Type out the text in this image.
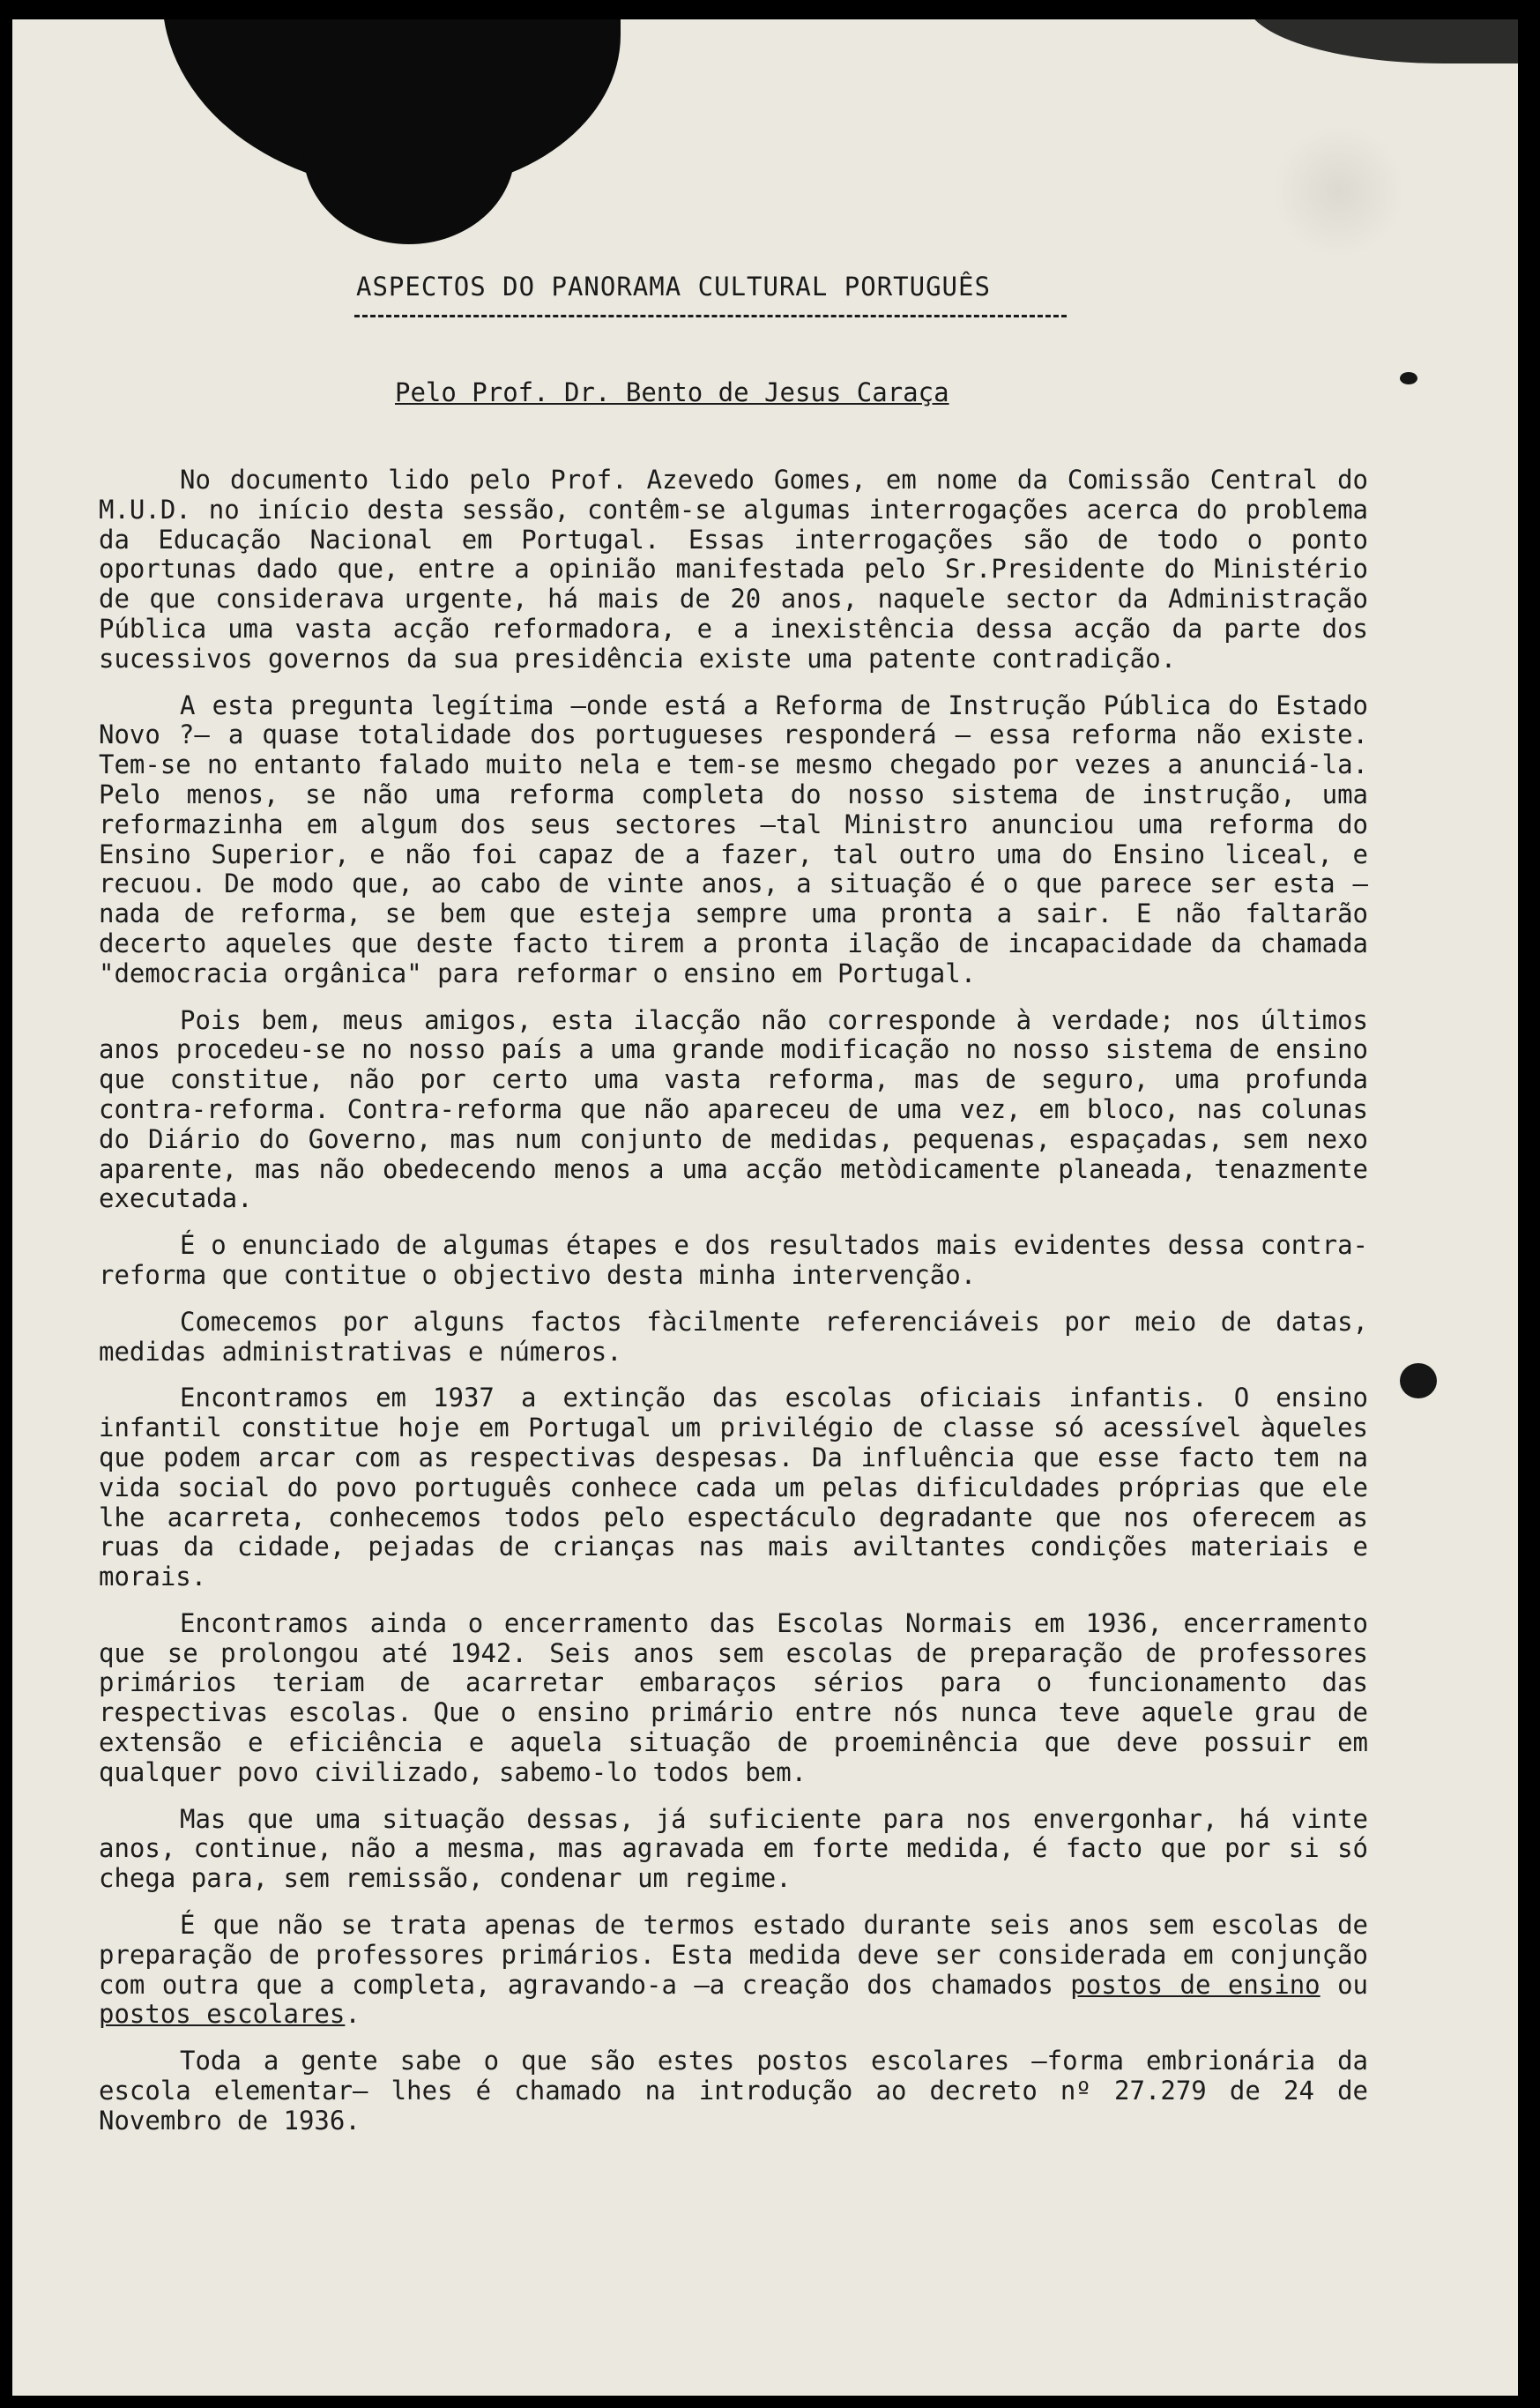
ASPECTOS DO PANORAMA CULTURAL PORTUGUÊS
Pelo Prof. Dr. Bento de Jesus Caraça

No documento lido pelo Prof. Azevedo Gomes, em nome da Comissão Central do M.U.D. no início desta sessão, contêm-se algumas interrogações acerca do problema da Educação Nacional em Portugal. Essas interrogações são de todo o ponto oportunas dado que, entre a opinião manifestada pelo Sr.Presidente do Ministério de que considerava urgente, há mais de 20 anos, naquele sector da Administração Pública uma vasta acção reformadora, e a inexistência dessa acção da parte dos sucessivos governos da sua presidência existe uma patente contradição.

A esta pregunta legítima —onde está a Reforma de Instrução Pública do Estado Novo ?— a quase totalidade dos portugueses responderá — essa reforma não existe. Tem-se no entanto falado muito nela e tem-se mesmo chegado por vezes a anunciá-la. Pelo menos, se não uma reforma completa do nosso sistema de instrução, uma reformazinha em algum dos seus sectores —tal Ministro anunciou uma reforma do Ensino Superior, e não foi capaz de a fazer, tal outro uma do Ensino liceal, e recuou. De modo que, ao cabo de vinte anos, a situação é o que parece ser esta — nada de reforma, se bem que esteja sempre uma pronta a sair. E não faltarão decerto aqueles que deste facto tirem a pronta ilação de incapacidade da chamada "democracia orgânica" para reformar o ensino em Portugal.

Pois bem, meus amigos, esta ilacção não corresponde à verdade; nos últimos anos procedeu-se no nosso país a uma grande modificação no nosso sistema de ensino que constitue, não por certo uma vasta reforma, mas de seguro, uma profunda contra-reforma. Contra-reforma que não apareceu de uma vez, em bloco, nas colunas do Diário do Governo, mas num conjunto de medidas, pequenas, espaçadas, sem nexo aparente, mas não obedecendo menos a uma acção metòdicamente planeada, tenazmente executada.

É o enunciado de algumas étapes e dos resultados mais evidentes dessa contra-reforma que contitue o objectivo desta minha intervenção.

Comecemos por alguns factos fàcilmente referenciáveis por meio de datas, medidas administrativas e números.

Encontramos em 1937 a extinção das escolas oficiais infantis. O ensino infantil constitue hoje em Portugal um privilégio de classe só acessível àqueles que podem arcar com as respectivas despesas. Da influência que esse facto tem na vida social do povo português conhece cada um pelas dificuldades próprias que ele lhe acarreta, conhecemos todos pelo espectáculo degradante que nos oferecem as ruas da cidade, pejadas de crianças nas mais aviltantes condições materiais e morais.

Encontramos ainda o encerramento das Escolas Normais em 1936, encerramento que se prolongou até 1942. Seis anos sem escolas de preparação de professores primários teriam de acarretar embaraços sérios para o funcionamento das respectivas escolas. Que o ensino primário entre nós nunca teve aquele grau de extensão e eficiência e aquela situação de proeminência que deve possuir em qualquer povo civilizado, sabemo-lo todos bem.

Mas que uma situação dessas, já suficiente para nos envergonhar, há vinte anos, continue, não a mesma, mas agravada em forte medida, é facto que por si só chega para, sem remissão, condenar um regime.

É que não se trata apenas de termos estado durante seis anos sem escolas de preparação de professores primários. Esta medida deve ser considerada em conjunção com outra que a completa, agravando-a —a creação dos chamados postos de ensino ou postos escolares.

Toda a gente sabe o que são estes postos escolares —forma embrionária da escola elementar— lhes é chamado na introdução ao decreto nº 27.279 de 24 de Novembro de 1936.
